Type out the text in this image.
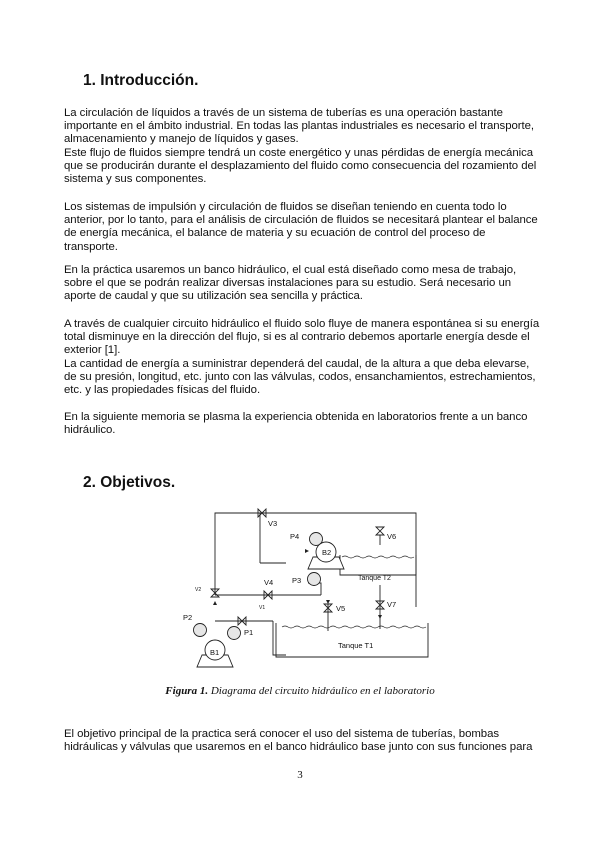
1. Introducción.
La circulación de líquidos a través de un sistema de tuberías es una operación bastante
importante en el ámbito industrial. En todas las plantas industriales es necesario el transporte,
almacenamiento y manejo de líquidos y gases.
Este flujo de fluidos siempre tendrá un coste energético y unas pérdidas de energía mecánica
que se producirán durante el desplazamiento del fluido como consecuencia del rozamiento del
sistema y sus componentes.
Los sistemas de impulsión y circulación de fluidos se diseñan teniendo en cuenta todo lo
anterior, por lo tanto, para el análisis de circulación de fluidos se necesitará plantear el balance
de energía mecánica, el balance de materia y su ecuación de control del proceso de
transporte.
En la práctica usaremos un banco hidráulico, el cual está diseñado como mesa de trabajo,
sobre el que se podrán realizar diversas instalaciones para su estudio. Será necesario un
aporte de caudal y que su utilización sea sencilla y práctica.
A través de cualquier circuito hidráulico el fluido solo fluye de manera espontánea si su energía
total disminuye en la dirección del flujo, si es al contrario debemos aportarle energía desde el
exterior [1].
La cantidad de energía a suministrar dependerá del caudal, de la altura a que deba elevarse,
de su presión, longitud, etc. junto con las válvulas, codos, ensanchamientos, estrechamientos,
etc. y las propiedades físicas del fluido.
En la siguiente memoria se plasma la experiencia obtenida en laboratorios frente a un banco
hidráulico.
2. Objetivos.
V3
P4
B2
V6
V4	P3	Tanque T2
V2
V1	V5	V7
P2
P1
B1
Tanque T1
Figura 1. Diagrama del circuito hidráulico en el laboratorio
El objetivo principal de la practica será conocer el uso del sistema de tuberías, bombas
hidráulicas y válvulas que usaremos en el banco hidráulico base junto con sus funciones para
3
